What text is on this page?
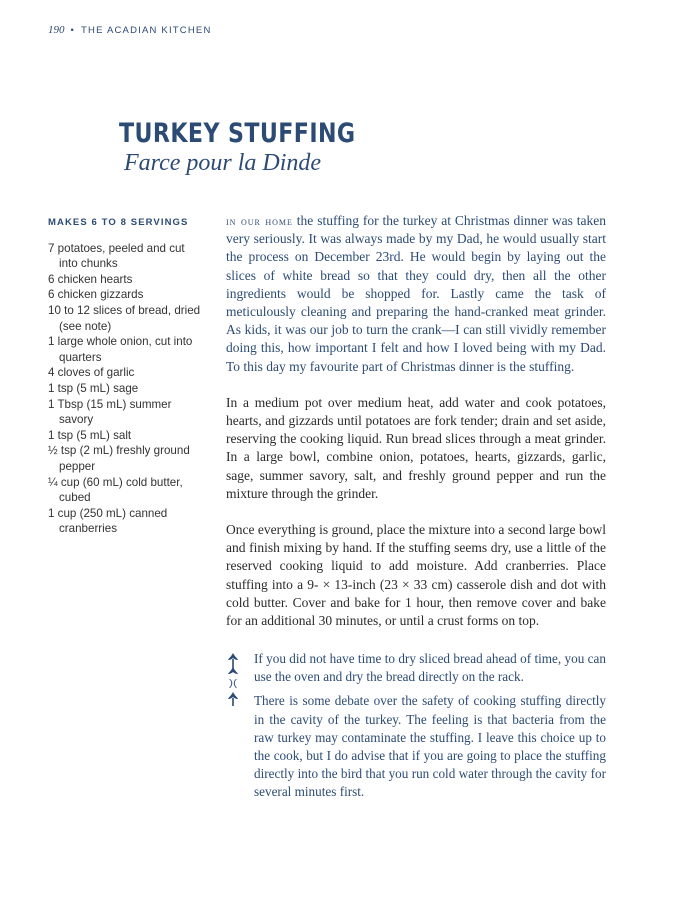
190 • THE ACADIAN KITCHEN
TURKEY STUFFING
Farce pour la Dinde
MAKES 6 TO 8 SERVINGS
7 potatoes, peeled and cut into chunks
6 chicken hearts
6 chicken gizzards
10 to 12 slices of bread, dried (see note)
1 large whole onion, cut into quarters
4 cloves of garlic
1 tsp (5 mL) sage
1 Tbsp (15 mL) summer savory
1 tsp (5 mL) salt
½ tsp (2 mL) freshly ground pepper
¼ cup (60 mL) cold butter, cubed
1 cup (250 mL) canned cranberries

in our home the stuffing for the turkey at Christmas dinner was taken very seriously. It was always made by my Dad, he would usually start the process on December 23rd. He would begin by laying out the slices of white bread so that they could dry, then all the other ingredients would be shopped for. Lastly came the task of meticulously cleaning and preparing the hand-cranked meat grinder. As kids, it was our job to turn the crank—I can still vividly remember doing this, how important I felt and how I loved being with my Dad. To this day my favourite part of Christmas dinner is the stuffing.

In a medium pot over medium heat, add water and cook potatoes, hearts, and gizzards until potatoes are fork tender; drain and set aside, reserving the cooking liquid. Run bread slices through a meat grinder. In a large bowl, combine onion, potatoes, hearts, gizzards, garlic, sage, summer savory, salt, and freshly ground pepper and run the mixture through the grinder.

Once everything is ground, place the mixture into a second large bowl and finish mixing by hand. If the stuffing seems dry, use a little of the reserved cooking liquid to add moisture. Add cranberries. Place stuffing into a 9- × 13-inch (23 × 33 cm) casserole dish and dot with cold butter. Cover and bake for 1 hour, then remove cover and bake for an additional 30 minutes, or until a crust forms on top.

If you did not have time to dry sliced bread ahead of time, you can use the oven and dry the bread directly on the rack.

There is some debate over the safety of cooking stuffing directly in the cavity of the turkey. The feeling is that bacteria from the raw turkey may contaminate the stuffing. I leave this choice up to the cook, but I do advise that if you are going to place the stuffing directly into the bird that you run cold water through the cavity for several minutes first.
